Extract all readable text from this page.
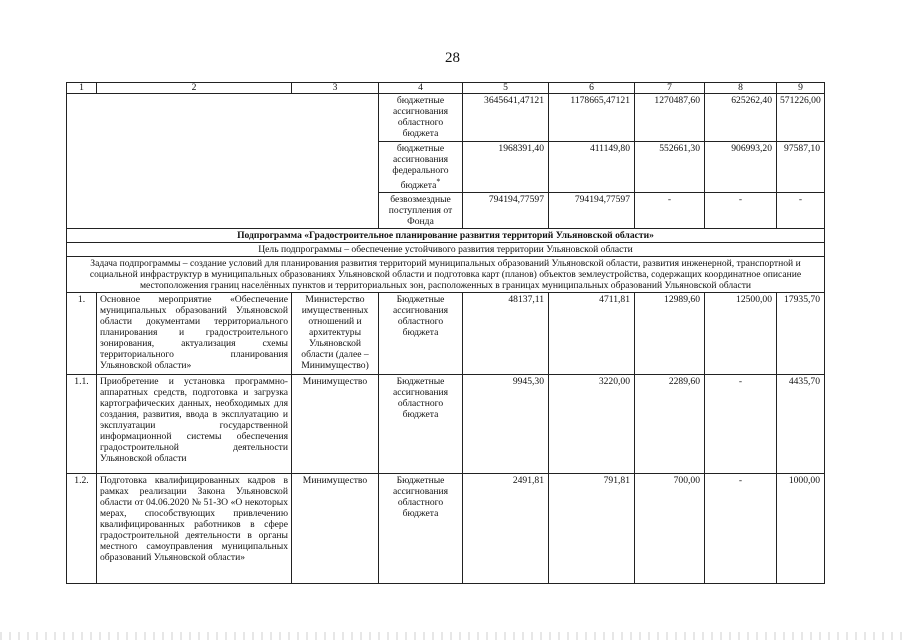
28
1	2	3	4	5	6	7	8	9
			бюджетные ассигнования областного бюджета	3645641,47121	1178665,47121	1270487,60	625262,40	571226,00
			бюджетные ассигнования федерального бюджета*	1968391,40	411149,80	552661,30	906993,20	97587,10
			безвозмездные поступления от Фонда	794194,77597	794194,77597	-	-	-
Подпрограмма «Градостроительное планирование развития территорий Ульяновской области»								
Цель подпрограммы – обеспечение устойчивого развития территории Ульяновской области								
Задача подпрограммы – создание условий для планирования развития территорий муниципальных образований Ульяновской области, развития инженерной, транспортной и социальной инфраструктур в муниципальных образованиях Ульяновской области и подготовка карт (планов) объектов землеустройства, содержащих координатное описание местоположения границ населённых пунктов и территориальных зон, расположенных в границах муниципальных образований Ульяновской области								
1.	Основное мероприятие «Обеспечение муниципальных образований Ульяновской области документами территориального планирования и градостроительного зонирования, актуализация схемы территориального планирования Ульяновской области»	Министерство имущественных отношений и архитектуры Ульяновской области (далее – Минимущество)	Бюджетные ассигнования областного бюджета	48137,11	4711,81	12989,60	12500,00	17935,70
1.1.	Приобретение и установка программно-аппаратных средств, подготовка и загрузка картографических данных, необходимых для создания, развития, ввода в эксплуатацию и эксплуатации государственной информационной системы обеспечения градостроительной деятельности Ульяновской области	Минимущество	Бюджетные ассигнования областного бюджета	9945,30	3220,00	2289,60	-	4435,70
1.2.	Подготовка квалифицированных кадров в рамках реализации Закона Ульяновской области от 04.06.2020 № 51-ЗО «О некоторых мерах, способствующих привлечению квалифицированных работников в сфере градостроительной деятельности в органы местного самоуправления муниципальных образований Ульяновской области»	Минимущество	Бюджетные ассигнования областного бюджета	2491,81	791,81	700,00	-	1000,00
